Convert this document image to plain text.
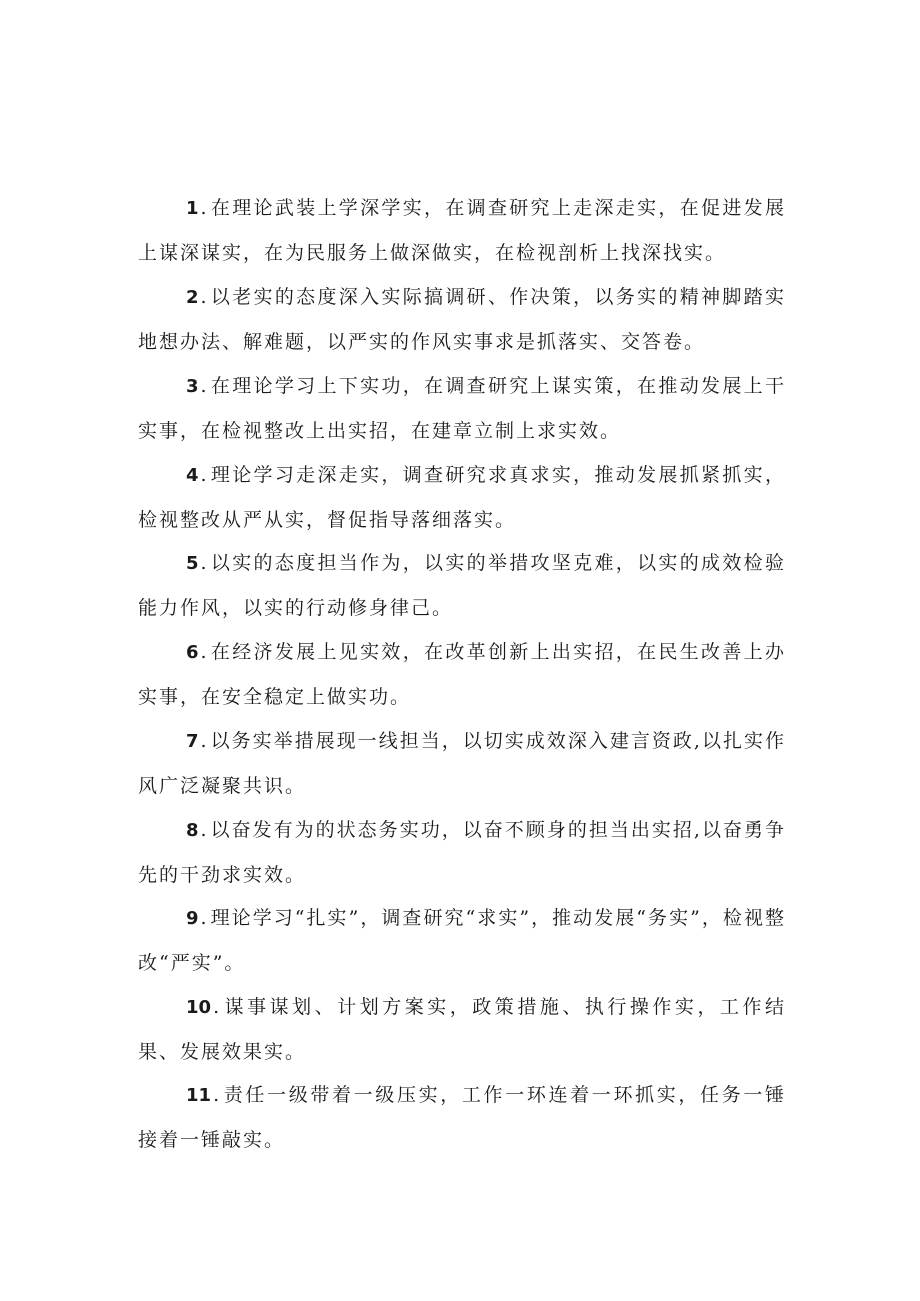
1 . 在理论武装上学深学实，在调查研究上走深走实，在促进发展上谋深谋实，在为民服务上做深做实，在检视剖析上找深找实。

2 . 以老实的态度深入实际搞调研、作决策，以务实的精神脚踏实地想办法、解难题，以严实的作风实事求是抓落实、交答卷。

3 . 在理论学习上下实功，在调查研究上谋实策，在推动发展上干实事，在检视整改上出实招，在建章立制上求实效。

4 . 理论学习走深走实，调查研究求真求实，推动发展抓紧抓实，检视整改从严从实，督促指导落细落实。

5 . 以实的态度担当作为，以实的举措攻坚克难，以实的成效检验能力作风，以实的行动修身律己。

6 . 在经济发展上见实效，在改革创新上出实招，在民生改善上办实事，在安全稳定上做实功。

7 . 以务实举措展现一线担当，以切实成效深入建言资政,以扎实作风广泛凝聚共识。

8 . 以奋发有为的状态务实功，以奋不顾身的担当出实招,以奋勇争先的干劲求实效。

9 . 理论学习“扎实”，调查研究“求实”，推动发展“务实”，检视整改“严实”。

10 . 谋事谋划、计划方案实，政策措施、执行操作实，工作结果、发展效果实。

11 . 责任一级带着一级压实，工作一环连着一环抓实，任务一锤接着一锤敲实。
